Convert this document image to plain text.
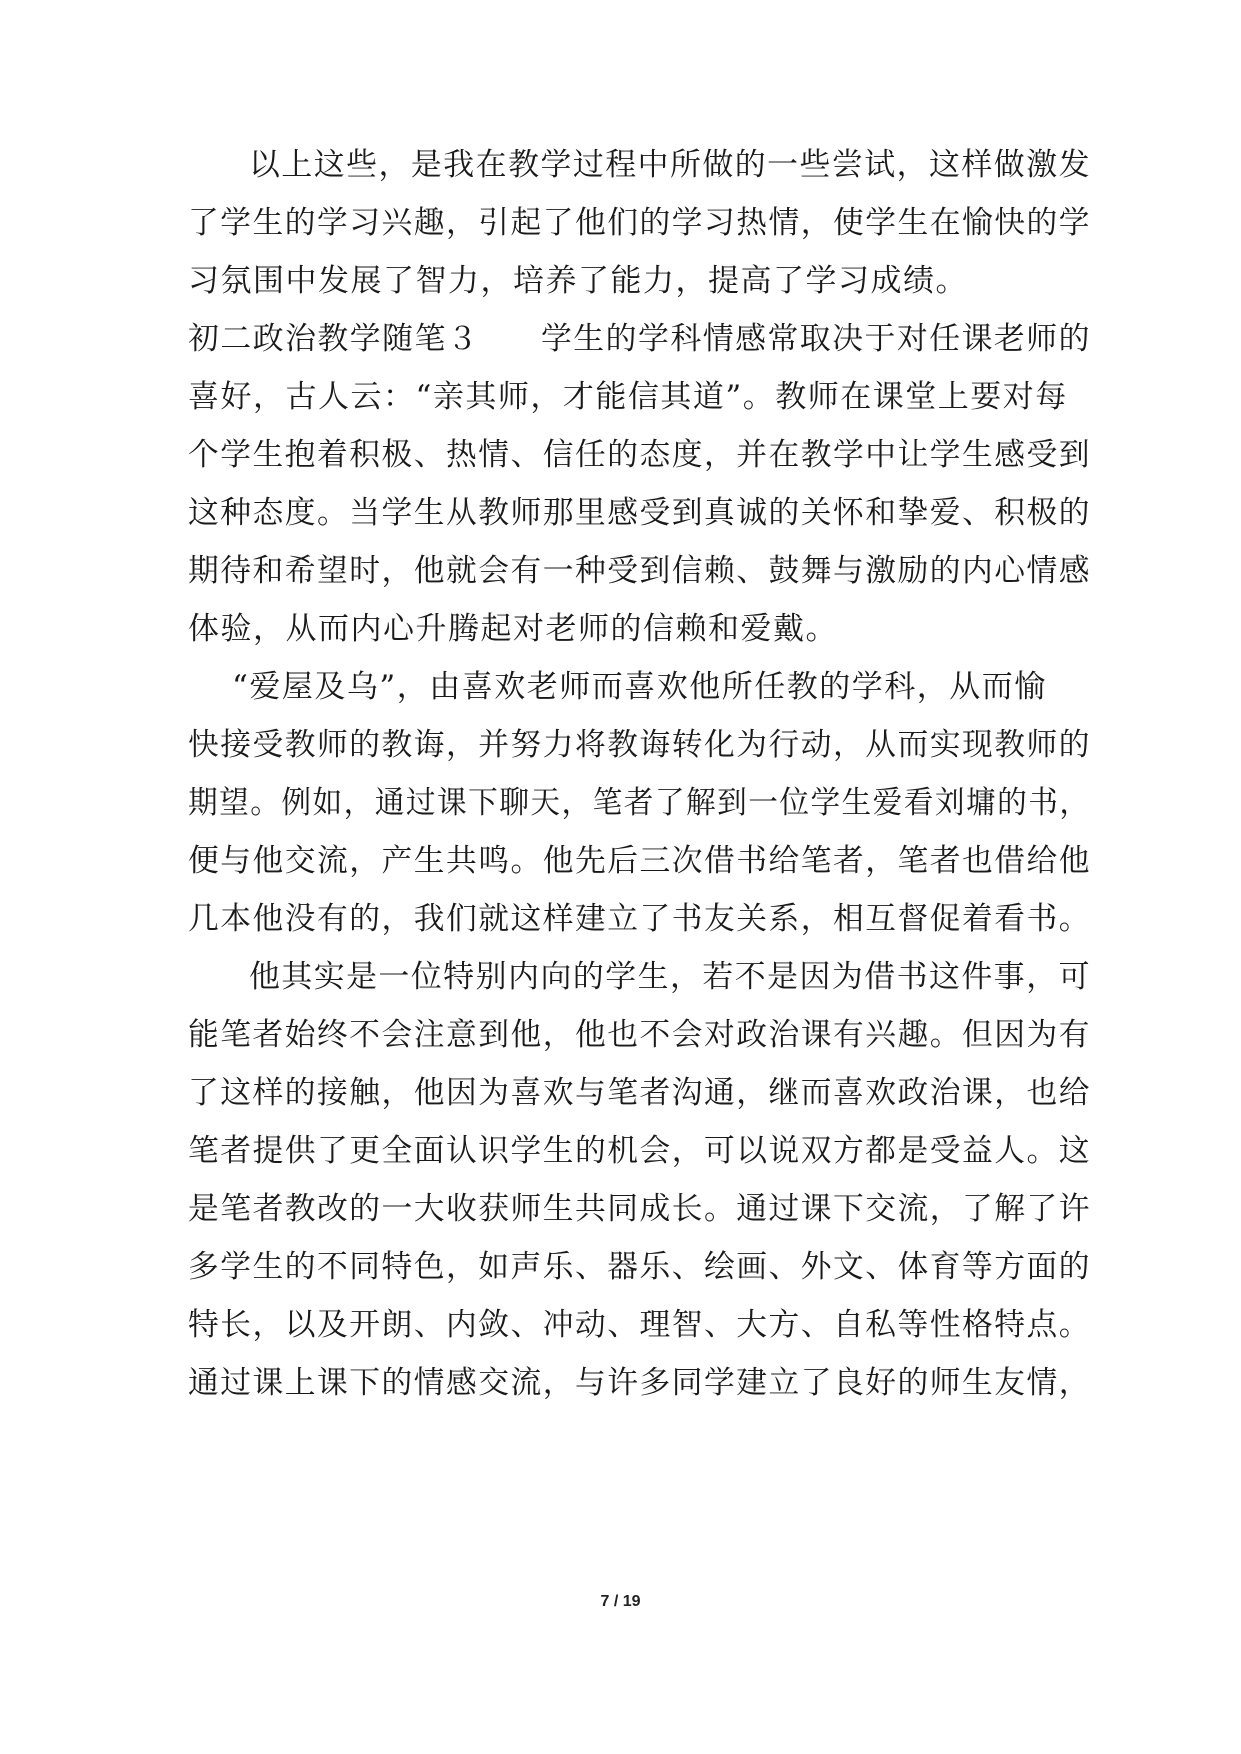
以上这些，是我在教学过程中所做的一些尝试，这样做激发
了学生的学习兴趣，引起了他们的学习热情，使学生在愉快的学
习氛围中发展了智力，培养了能力，提高了学习成绩。
初二政治教学随笔３ 学生的学科情感常取决于对任课老师的
喜好，古人云：“亲其师，才能信其道”。教师在课堂上要对每
个学生抱着积极、热情、信任的态度，并在教学中让学生感受到
这种态度。当学生从教师那里感受到真诚的关怀和挚爱、积极的
期待和希望时，他就会有一种受到信赖、鼓舞与激励的内心情感
体验，从而内心升腾起对老师的信赖和爱戴。
“爱屋及乌”，由喜欢老师而喜欢他所任教的学科，从而愉
快接受教师的教诲，并努力将教诲转化为行动，从而实现教师的
期望。例如，通过课下聊天，笔者了解到一位学生爱看刘墉的书，
便与他交流，产生共鸣。他先后三次借书给笔者，笔者也借给他
几本他没有的，我们就这样建立了书友关系，相互督促着看书。
他其实是一位特别内向的学生，若不是因为借书这件事，可
能笔者始终不会注意到他，他也不会对政治课有兴趣。但因为有
了这样的接触，他因为喜欢与笔者沟通，继而喜欢政治课，也给
笔者提供了更全面认识学生的机会，可以说双方都是受益人。这
是笔者教改的一大收获师生共同成长。通过课下交流，了解了许
多学生的不同特色，如声乐、器乐、绘画、外文、体育等方面的
特长，以及开朗、内敛、冲动、理智、大方、自私等性格特点。
通过课上课下的情感交流，与许多同学建立了良好的师生友情，
7 / 19
